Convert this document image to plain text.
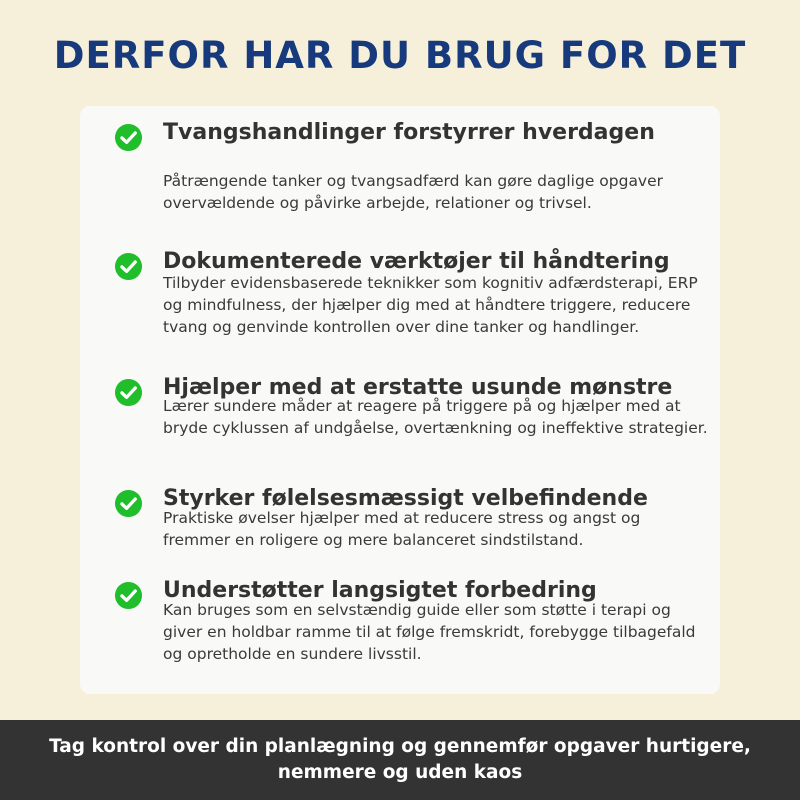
DERFOR HAR DU BRUG FOR DET
Tvangshandlinger forstyrrer hverdagen
Påtrængende tanker og tvangsadfærd kan gøre daglige opgaver overvældende og påvirke arbejde, relationer og trivsel.
Dokumenterede værktøjer til håndtering
Tilbyder evidensbaserede teknikker som kognitiv adfærdsterapi, ERP og mindfulness, der hjælper dig med at håndtere triggere, reducere tvang og genvinde kontrollen over dine tanker og handlinger.
Hjælper med at erstatte usunde mønstre
Lærer sundere måder at reagere på triggere på og hjælper med at bryde cyklussen af undgåelse, overtænkning og ineffektive strategier.
Styrker følelsesmæssigt velbefindende
Praktiske øvelser hjælper med at reducere stress og angst og fremmer en roligere og mere balanceret sindstilstand.
Understøtter langsigtet forbedring
Kan bruges som en selvstændig guide eller som støtte i terapi og giver en holdbar ramme til at følge fremskridt, forebygge tilbagefald og opretholde en sundere livsstil.
Tag kontrol over din planlægning og gennemfør opgaver hurtigere, nemmere og uden kaos
